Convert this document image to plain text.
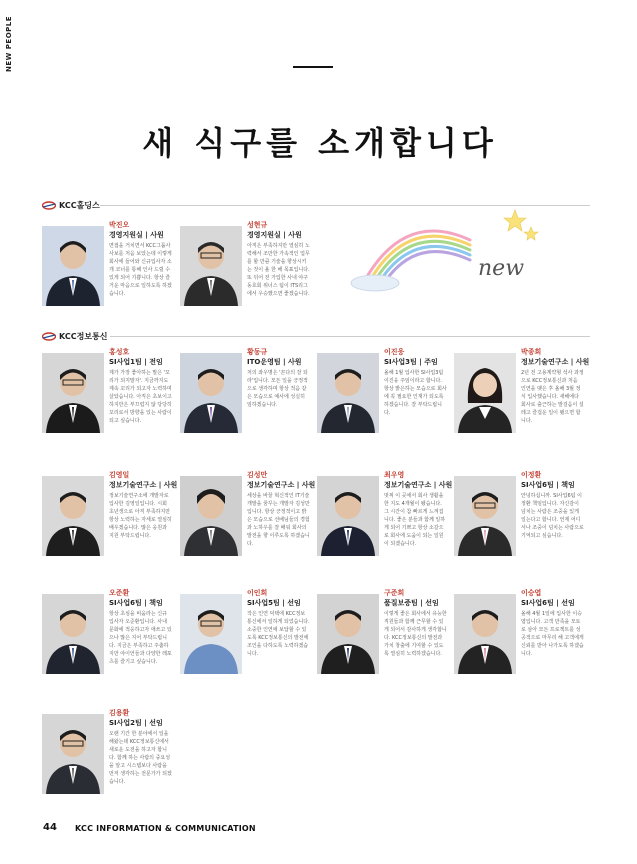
NEW PEOPLE
새 식구를 소개합니다
new
KCC홀딩스
KCC정보통신
박진오
경영지원실 | 사원
면접을 거치면서 KCC그룹사 사보를 처음 보았는데 이렇게 회사에 들어와 신규입사자 소개 코너를 통해 인사 드릴 수 있게 되어 기쁩니다. 항상 즐거운 마음으로 일하도록 하겠습니다.
성현규
경영지원실 | 사원
아직은 부족하지만 열심히 노력해서 조만한 가속적인 업무를 할 만큼 기술을 향상시키는 것이 올 한 해 목표입니다. 또 뒤어 전 가입한 사내 야구동호회 위너스 팀이 ITS리그에서 우승했으면 좋겠습니다.
홍성호
SI사업1팀 | 전임
제가 가장 좋아하는 말은 '꼬리가 되지말자'. 지금까지도 계속 꼬리가 되고자 노력하며 살았습니다. 아직은 초보이고 하지만은 부끄럽지 않 당당히 꼬리로서 방향을 있는 사람이 되고 싶습니다.
황동규
ITO운영팀 | 사원
처의 좌우명은 '꼰다의 잘 되라'입니다. 모든 일을 긍정적으로 생각하며 항상 적음 같은 모습으로 예사에 성실히 임하겠습니다.
이진웅
SI사업3팀 | 주임
올해 1월 입사한 SI사업3팀 이진웅 주임이라고 합니다. 항상 밝은하는 모습으로 회사에 꼭 필요한 인재가 되도록 하겠습니다. 잘 부탁드립니다.
박종희
정보기술연구소 | 사원
2년 전 고용계약형 석사 과정으로 KCC정보통신과 처음 인연을 맺은 후 올해 3월 정식 입사했습니다. 새해에다 회사로 출근하는 발걸음이 설레고 즐겁운 일이 됐으면 합니다.
김영일
정보기술연구소 | 사원
정보기술연구소에 개발자로 입사한 김영일입니다. 시회 초년생으로 아직 부족하지만 항상 노력하는 자세로 열심히 배우겠습니다. 많은 응원과 지원 부탁드립니다.
김성만
정보기술연구소 | 사원
세상을 바꿀 혁신적인 IT기술 개발을 꿈꾸는 개발자 김성만입니다. 항상 긍정적이고 밝은 모습으로 선배님들의 경험과 노하우를 잘 배워 회사의 발전을 향 이루도록 하겠습니다.
최우영
정보기술연구소 | 사원
멋찌 이 곳에서 회사 생활을 한 지도 4개월이 됐습니다. 그 시간이 참 빠르게 느껴집니다. 좋은 분들과 함께 일하게 되어 기쁘고 항상 소갈으로 회사에 도움이 되는 일원이 되겠습니다.
이정환
SI사업6팀 | 책임
안녕하십니까. SI사업6팀 이정환 책임입니다. 자신감이 넘치는 사람은 조중을 있게 일는다고 합니다. 언제 어디서나 조중이 넘치는 사람으로 기억되고 싶습니다.
오준환
SI사업6팀 | 책임
항상 초심을 비움라는 신규 입사자 오준환입니다. 사내 문화에 적응하고자 애쓰고 있으나 많은 지어 부탁드립니다. 지금은 부족하고 주춤하지만 야이언들과 다양한 레포츠를 즐기고 싶습니다.
이인희
SI사업5팀 | 선임
작은 인연 덕택에 KCC정보통신에서 일하게 되었습니다. 소중한 인연에 보답할 수 있도록 KCC정보통신의 발전에 조인을 다하도록 노력하겠습니다.
구준희
품질보증팀 | 선임
이렇게 좋은 회사에서 유능한 직원들과 함께 근무할 수 있게 되어서 감사하게 생각합니다. KCC정보통신의 발전과 가치 창출에 기여할 수 있도록 열심히 노력하겠습니다.
이승엽
SI사업6팀 | 선임
올해 4월 1일에 입사한 이승엽입니다. 고객 만족을 모토로 삼아 모든 프로젝트를 성공적으로 마무리 해 고객에게 신뢰를 받아 나가도록 하겠습니다.
김용환
SI사업2팀 | 선임
오랜 기간 한 분야에서 일을 해왔는데 KCC정보통신에서 새로운 도전을 하고자 합니다. 함께 하는 사람의 중요성을 알고 시스템보다 사람을 먼저 생각하는 전문가가 되겠습니다.
44 KCC INFORMATION & COMMUNICATION
